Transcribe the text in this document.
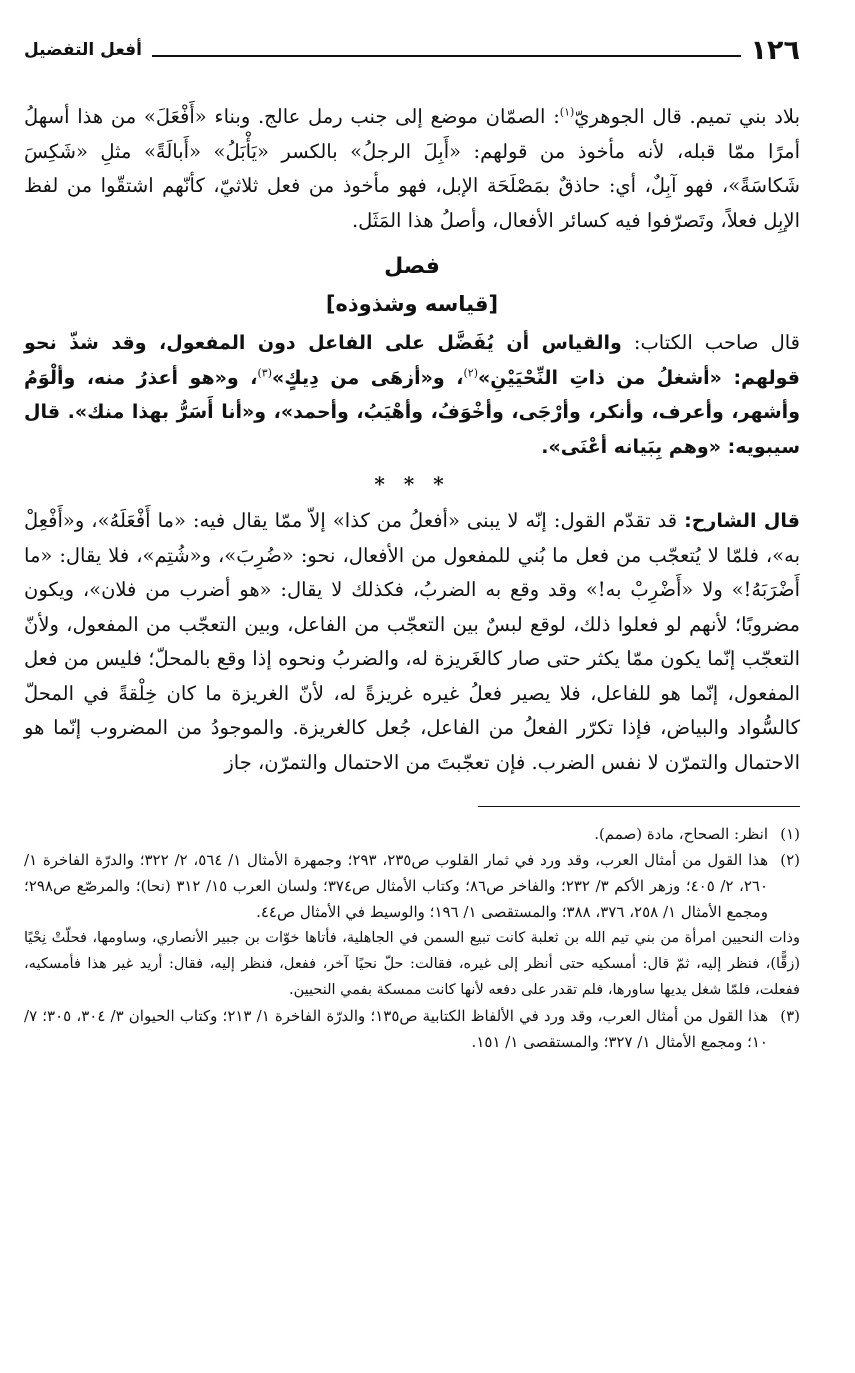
١٢٦
أفعل التفضيل

بلاد بني تميم. قال الجوهريّ$^{(١)}$: الصمّان موضع إلى جنب رمل عالج. وبناء «أَفْعَلَ» من هذا أسهلُ أمرًا ممّا قبله، لأنه مأخوذ من قولهم: «أَبِلَ الرجلُ» بالكسر «يَأْبَلُ» «أَبالَةً» مثلِ «شَكِسَ شَكاسَةً»، فهو آبِلٌ، أي: حاذقٌ بمَصْلَحَة الإبل، فهو مأخوذ من فعل ثلاثيّ، كأنّهم اشتقّوا من لفظ الإبِل فعلاً، وتَصرّفوا فيه كسائر الأفعال، وأصلُ هذا المَثَل.

فصل
[قياسه وشذوذه]

قال صاحب الكتاب: والقياس أن يُفَضَّل على الفاعل دون المفعول، وقد شذّ نحو قولهم: «أشغلُ من ذاتِ النِّحْيَيْنِ»$^{(٢)}$، و«أزهَى من دِيكٍ»$^{(٣)}$، و«هو أعذرُ منه، وألْوَمُ وأشهر، وأعرف، وأنكر، وأرْجَى، وأخْوَفُ، وأهْيَبُ، وأحمد»، و«أنا أَسَرُّ بهذا منك». قال سيبويه: «وهم بِبَيانه أعْنَى».

* * *

قال الشارح: قد تقدّم القول: إنّه لا يبنى «أفعلُ من كذا» إلاّ ممّا يقال فيه: «ما أَفْعَلَهُ»، و«أَفْعِلْ به»، فلمّا لا يُتعجّب من فعل ما بُني للمفعول من الأفعال، نحو: «ضُرِبَ»، و«شُتِم»، فلا يقال: «ما أَضْرَبَهُ!» ولا «أَضْرِبْ به!» وقد وقع به الضربُ، فكذلك لا يقال: «هو أضرب من فلان»، ويكون مضروبًا؛ لأنهم لو فعلوا ذلك، لوقع لبسٌ بين التعجّب من الفاعل، وبين التعجّب من المفعول، ولأنّ التعجّب إنّما يكون ممّا يكثر حتى صار كالغَريزة له، والضربُ ونحوه إذا وقع بالمحلّ؛ فليس من فعل المفعول، إنّما هو للفاعل، فلا يصير فعلُ غيره غريزةً له، لأنّ الغريزة ما كان خِلْقةً في المحلّ كالسُّواد والبياض، فإذا تكرّر الفعلُ من الفاعل، جُعل كالغريزة. والموجودُ من المضروب إنّما هو الاحتمال والتمرّن لا نفس الضرب. فإن تعجّبتَ من الاحتمال والتمرّن، جاز

(١)
انظر: الصحاح، مادة (صمم).
(٢)
هذا القول من أمثال العرب، وقد ورد في ثمار القلوب ص٢٣٥، ٢٩٣؛ وجمهرة الأمثال ١/ ٥٦٤، ٢/ ٣٢٢؛ والدرّة الفاخرة ١/ ٢٦٠، ٢/ ٤٠٥؛ وزهر الأكم ٣/ ٢٣٢؛ والفاخر ص٨٦؛ وكتاب الأمثال ص٣٧٤؛ ولسان العرب ١٥/ ٣١٢ (نحا)؛ والمرصّع ص٢٩٨؛ ومجمع الأمثال ١/ ٢٥٨، ٣٧٦، ٣٨٨؛ والمستقصى ١/ ١٩٦؛ والوسيط في الأمثال ص٤٤.
وذات النحيين امرأة من بني تيم الله بن ثعلبة كانت تبيع السمن في الجاهلية، فأتاها خوّات بن جبير الأنصاري، وساومها، فحلّتْ نِحْيًا (زقًّا)، فنظر إليه، ثمّ قال: أمسكيه حتى أنظر إلى غيره، فقالت: حلّ نحيًا آخر، ففعل، فنظر إليه، فقال: أريد غير هذا فأمسكيه، ففعلت، فلمّا شغل يديها ساورها، فلم تقدر على دفعه لأنها كانت ممسكة بفمي النحيين.
(٣)
هذا القول من أمثال العرب، وقد ورد في الألفاظ الكتابية ص١٣٥؛ والدرّة الفاخرة ١/ ٢١٣؛ وكتاب الحيوان ٣/ ٣٠٤، ٣٠٥؛ ٧/ ١٠؛ ومجمع الأمثال ١/ ٣٢٧؛ والمستقصى ١/ ١٥١.
